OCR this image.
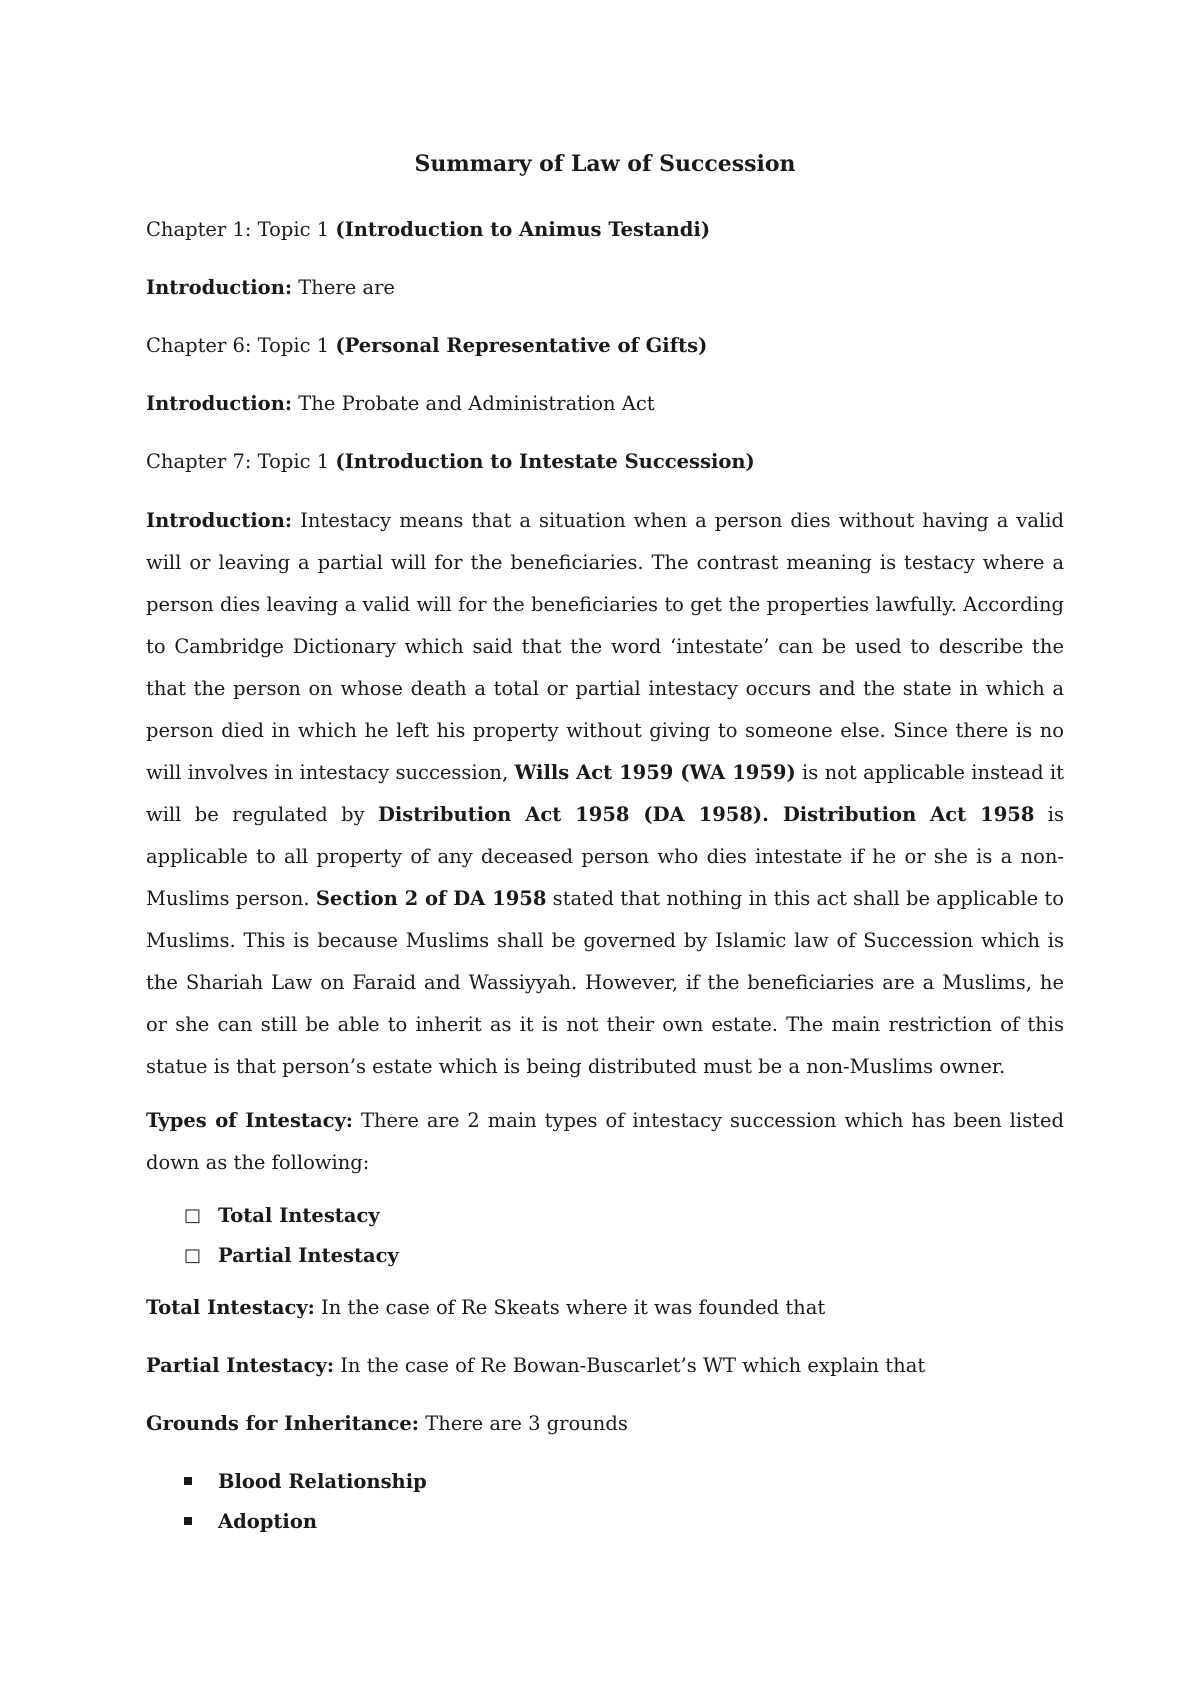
Summary of Law of Succession
Chapter 1: Topic 1 (Introduction to Animus Testandi)
Introduction: There are
Chapter 6: Topic 1 (Personal Representative of Gifts)
Introduction: The Probate and Administration Act
Chapter 7: Topic 1 (Introduction to Intestate Succession)
Introduction: Intestacy means that a situation when a person dies without having a valid will or leaving a partial will for the beneficiaries. The contrast meaning is testacy where a person dies leaving a valid will for the beneficiaries to get the properties lawfully. According to Cambridge Dictionary which said that the word ‘intestate’ can be used to describe the that the person on whose death a total or partial intestacy occurs and the state in which a person died in which he left his property without giving to someone else. Since there is no will involves in intestacy succession, Wills Act 1959 (WA 1959) is not applicable instead it will be regulated by Distribution Act 1958 (DA 1958). Distribution Act 1958 is applicable to all property of any deceased person who dies intestate if he or she is a non-Muslims person. Section 2 of DA 1958 stated that nothing in this act shall be applicable to Muslims. This is because Muslims shall be governed by Islamic law of Succession which is the Shariah Law on Faraid and Wassiyyah. However, if the beneficiaries are a Muslims, he or she can still be able to inherit as it is not their own estate. The main restriction of this statue is that person’s estate which is being distributed must be a non-Muslims owner.
Types of Intestacy: There are 2 main types of intestacy succession which has been listed down as the following:
□ Total Intestacy
□ Partial Intestacy
Total Intestacy: In the case of Re Skeats where it was founded that
Partial Intestacy: In the case of Re Bowan-Buscarlet’s WT which explain that
Grounds for Inheritance: There are 3 grounds
Blood Relationship
Adoption
